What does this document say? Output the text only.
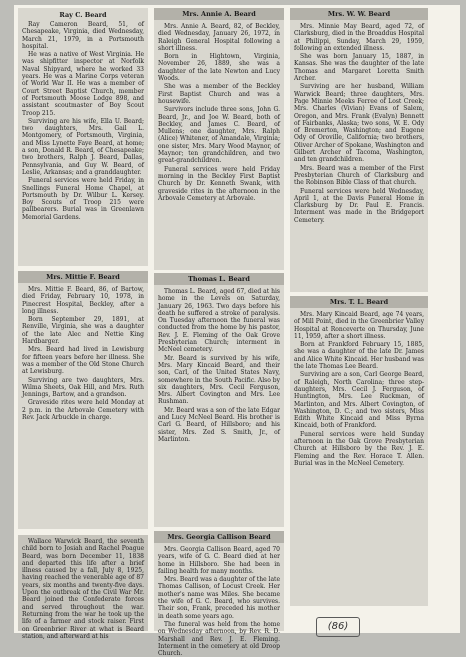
Ray C. Beard

Ray Cameron Beard, 51, of Chesapeake, Virginia, died Wednesday, March 21, 1979, in a Portsmouth hospital.

He was a native of West Virginia. He was shipfitter inspector at Norfolk Naval Shipyard, where he worked 33 years. He was a Marine Corps veteran of World War II. He was a member of Court Street Baptist Church, member of Portsmouth Moose Lodge 898, and assistant scoutmaster of Boy Scout Troop 215.

Surviving are his wife, Ella U. Beard; two daughters, Mrs. Gail L. Montgomery, of Portsmouth, Virginia, and Miss Lynette Faye Beard, at home; a son, Donald R. Beard, of Chesapeake; two brothers, Ralph J. Beard, Dallas, Pennsylvania, and Guy W. Beard, of Leslie, Arkansas; and a granddaughter.

Funeral services were held Friday, in Snellings Funeral Home Chapel, at Portsmouth by Dr. Wilbur L. Kersey. Boy Scouts of Troop 215 were pallbearers. Burial was in Greenlawn Memorial Gardens.

Mrs. Annie A. Beard

Mrs. Annie A. Beard, 82, of Beckley, died Wednesday, January 26, 1972, in Raleigh General Hospital following a short illness.

Born in Hightown, Virginia, November 26, 1889, she was a daughter of the late Newton and Lucy Woods.

She was a member of the Beckley First Baptist Church and was a housewife.

Survivors include three sons, John G. Beard, Jr., and Joe W. Beard, both of Beckley, and James C. Beard, of Mullens; one daughter, Mrs. Ralph (Alice) Whitener, of Amandale, Virginia; one sister, Mrs. Mary Wood Maynor, of Maynor; ten grandchildren, and two great-grandchildren.

Funeral services were held Friday morning in the Beckley First Baptist Church by Dr. Kenneth Swank, with graveside rites in the afternoon in the Arbovale Cemetery at Arbovale.

Mrs. W. W. Beard

Mrs. Minnie May Beard, aged 72, of Clarksburg, died in the Broaddus Hospital at Philippi, Sunday, March 29, 1959, following an extended illness.

She was born January 15, 1887, in Kansas. She was the daughter of the late Thomas and Margaret Loretta Smith Archer.

Surviving are her husband, William Warwick Beard; three daughters, Mrs. Page Minnie Meeks Ferree of Lost Creek; Mrs. Charles (Vivian) Evans of Salem, Oregon, and Mrs. Frank (Evalyn) Bennett of Fairbanks, Alaska; two sons, W. E. Ody of Bremerton, Washington; and Eugene Ody of Oroville, California; two brothers, Oliver Archer of Spokane, Washington and Gilbert Archer of Tacoma, Washington, and ten grandchildren.

Mrs. Beard was a member of the First Presbyterian Church of Clarksburg and the Robinson Bible Class of that church.

Funeral services were held Wednesday, April 1, at the Davis Funeral Home in Clarksburg by Dr. Paul E. Francis. Interment was made in the Bridgeport Cemetery.

Thomas L. Beard

Thomas L. Beard, aged 67, died at his home in the Levels on Saturday, January 26, 1963. Two days before his death he suffered a stroke of paralysis. On Tuesday afternoon the funeral was conducted from the home by his pastor, Rev. J. E. Fleming of the Oak Grove Presbyterian Church; interment in McNeel cemetery.

Mr. Beard is survived by his wife, Mrs. Mary Kincaid Beard, and their son, Carl, of the United States Navy, somewhere in the South Pacific. Also by six daughters, Mrs. Cecil Ferguson, Mrs. Albert Covington and Mrs. Lee Rushman.

Mr. Beard was a son of the late Edgar and Lucy McNeel Beard. His brother is Carl G. Beard, of Hillsboro; and his sister, Mrs. Zed S. Smith, Jr., of Marlinton.

Mrs. Mittie F. Beard

Mrs. Mittie F. Beard, 86, of Bartow, died Friday, February 10, 1978, in Pinecrest Hospital, Beckley, after a long illness.

Born September 29, 1891, at Renville, Virginia, she was a daughter of the late Alec and Nettie King Hardbarger.

Mrs. Beard had lived in Lewisburg for fifteen years before her illness. She was a member of the Old Stone Church at Lewisburg.

Surviving are two daughters, Mrs. Wilma Sheets, Oak Hill, and Mrs. Ruth Jennings, Bartow, and a grandson.

Graveside rites were held Monday at 2 p.m. in the Arbovale Cemetery with Rev. Jack Arbuckle in charge.

Wallace Warwick Beard, the seventh child born to Josiah and Rachel Poague Beard, was born December 11, 1838 and departed this life after a brief illness caused by a fall, July 8, 1925, having reached the venerable age of 87 years, six months and twenty-five days. Upon the outbreak of the Civil War Mr. Beard joined the Confederate forces and served throughout the war. Returning from the war he took up the life of a farmer and stock raiser. First on Greenbrier River at what is Beard station, and afterward at his

Mrs. Georgia Callison Beard

Mrs. Georgia Callison Beard, aged 70 years, wife of G. C. Beard died at her home in Hillsboro. She had been in failing health for many months.

Mrs. Beard was a daughter of the late Thomas Callison, of Locust Creek. Her mother's name was Miles. She became the wife of G. C. Beard, who survives. Their son, Frank, preceded his mother in death some years ago.

The funeral was held from the home on Wednesday afternoon, by Rev. R. D. Marshall and Rev. J. E. Fleming. Interment in the cemetery at old Droop Church.

Mrs. T. L. Beard

Mrs. Mary Kincaid Beard, age 74 years, of Mill Point, died in the Greenbrier Valley Hospital at Ronceverte on Thursday, June 11, 1959, after a short illness.

Born at Frankford February 15, 1885, she was a daughter of the late Dr. James and Alice White Kincaid. Her husband was the late Thomas Lee Beard.

Surviving are a son, Carl George Beard, of Raleigh, North Carolina; three step-daughters, Mrs. Cecil J. Ferguson, of Huntington, Mrs. Lee Ruckman, of Marlinton, and Mrs. Albert Covington, of Washington, D. C.; and two sisters, Miss Edith White Kincaid and Miss Byrna Kincaid, both of Frankford.

Funeral services were held Sunday afternoon in the Oak Grove Presbyterian Church at Hillsboro by the Rev. J. E. Fleming and the Rev. Horace T. Allen. Burial was in the McNeel Cemetery.

(86)
